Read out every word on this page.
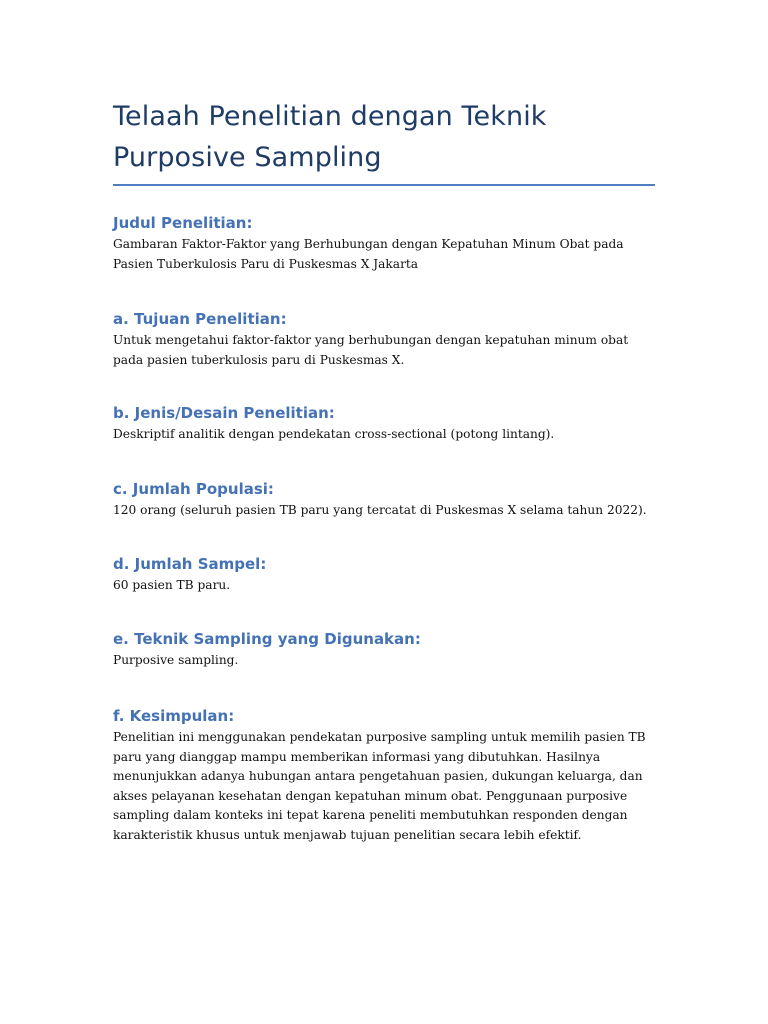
Telaah Penelitian dengan Teknik Purposive Sampling
Judul Penelitian:

Gambaran Faktor-Faktor yang Berhubungan dengan Kepatuhan Minum Obat pada Pasien Tuberkulosis Paru di Puskesmas X Jakarta

a. Tujuan Penelitian:

Untuk mengetahui faktor-faktor yang berhubungan dengan kepatuhan minum obat pada pasien tuberkulosis paru di Puskesmas X.

b. Jenis/Desain Penelitian:

Deskriptif analitik dengan pendekatan cross-sectional (potong lintang).

c. Jumlah Populasi:

120 orang (seluruh pasien TB paru yang tercatat di Puskesmas X selama tahun 2022).

d. Jumlah Sampel:

60 pasien TB paru.

e. Teknik Sampling yang Digunakan:

Purposive sampling.

f. Kesimpulan:

Penelitian ini menggunakan pendekatan purposive sampling untuk memilih pasien TB paru yang dianggap mampu memberikan informasi yang dibutuhkan. Hasilnya menunjukkan adanya hubungan antara pengetahuan pasien, dukungan keluarga, dan akses pelayanan kesehatan dengan kepatuhan minum obat. Penggunaan purposive sampling dalam konteks ini tepat karena peneliti membutuhkan responden dengan karakteristik khusus untuk menjawab tujuan penelitian secara lebih efektif.
